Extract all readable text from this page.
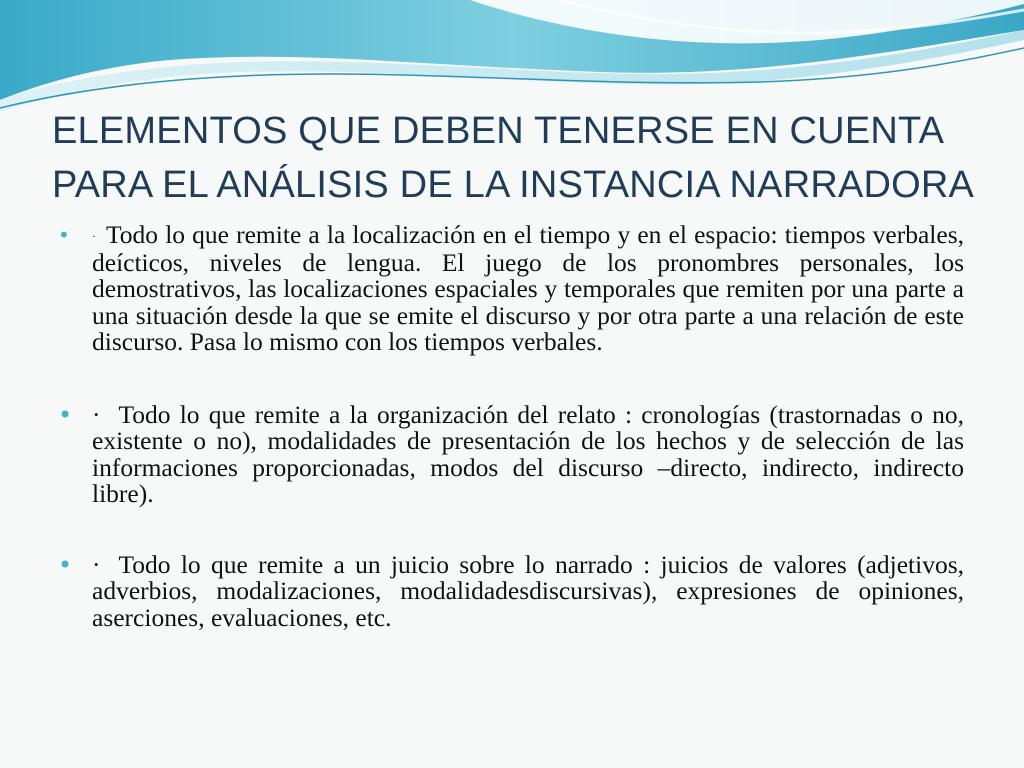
ELEMENTOS QUE DEBEN TENERSE EN CUENTA
PARA EL ANÁLISIS DE LA INSTANCIA NARRADORA
• · Todo lo que remite a la localización en el tiempo y en el espacio: tiempos verbales, deícticos, niveles de lengua. El juego de los pronombres personales, los demostrativos, las localizaciones espaciales y temporales que remiten por una parte a una situación desde la que se emite el discurso y por otra parte a una relación de este discurso. Pasa lo mismo con los tiempos verbales.
• · Todo lo que remite a la organización del relato : cronologías (trastornadas o no, existente o no), modalidades de presentación de los hechos y de selección de las informaciones proporcionadas, modos del discurso –directo, indirecto, indirecto libre).
• · Todo lo que remite a un juicio sobre lo narrado : juicios de valores (adjetivos, adverbios, modalizaciones, modalidadesdiscursivas), expresiones de opiniones, aserciones, evaluaciones, etc.
